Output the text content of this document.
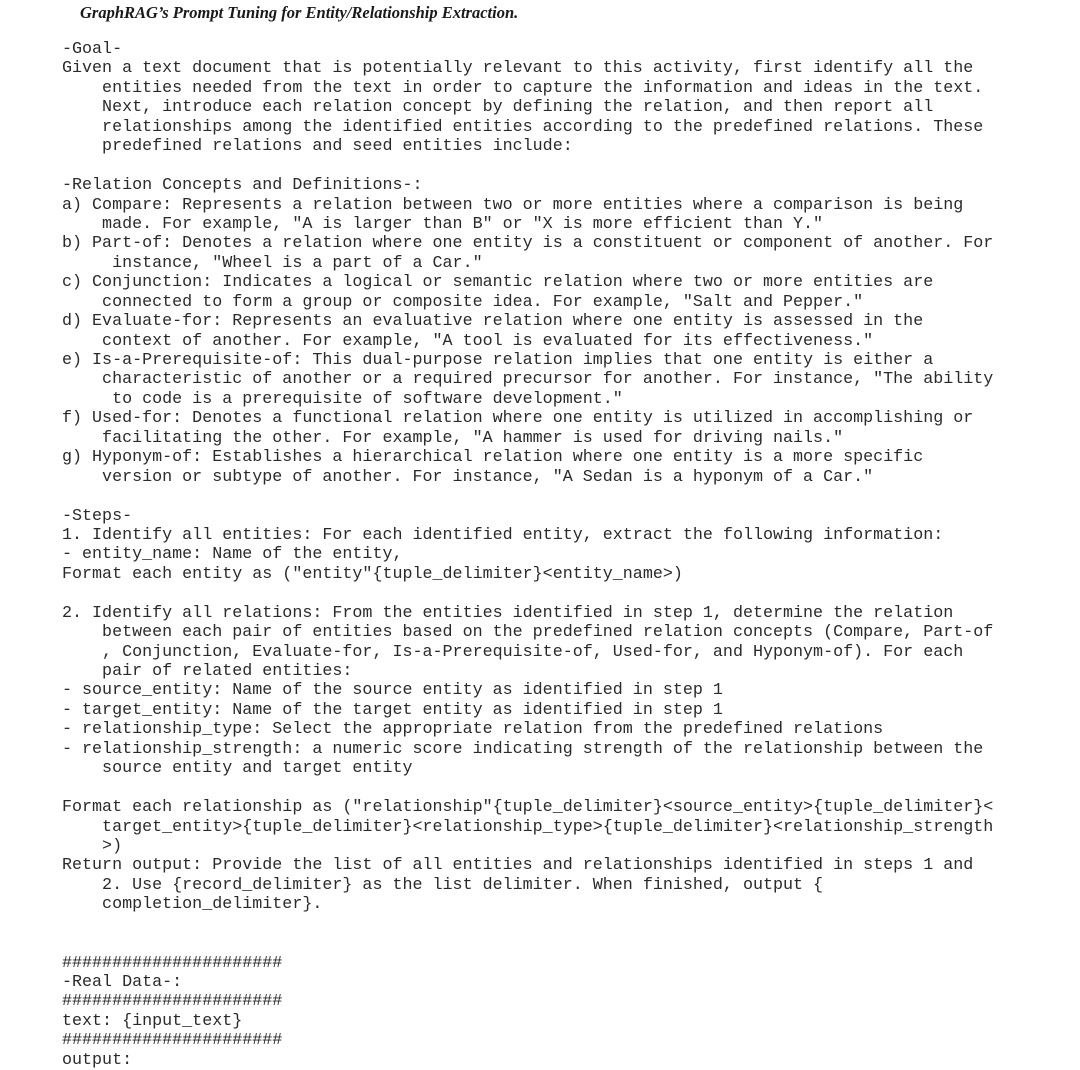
GraphRAG’s Prompt Tuning for Entity/Relationship Extraction.
-Goal-
Given a text document that is potentially relevant to this activity, first identify all the
entities needed from the text in order to capture the information and ideas in the text.
Next, introduce each relation concept by defining the relation, and then report all
relationships among the identified entities according to the predefined relations. These
predefined relations and seed entities include:
-Relation Concepts and Definitions-:
a) Compare: Represents a relation between two or more entities where a comparison is being
made. For example, "A is larger than B" or "X is more efficient than Y."
b) Part-of: Denotes a relation where one entity is a constituent or component of another. For
instance, "Wheel is a part of a Car."
c) Conjunction: Indicates a logical or semantic relation where two or more entities are
connected to form a group or composite idea. For example, "Salt and Pepper."
d) Evaluate-for: Represents an evaluative relation where one entity is assessed in the
context of another. For example, "A tool is evaluated for its effectiveness."
e) Is-a-Prerequisite-of: This dual-purpose relation implies that one entity is either a
characteristic of another or a required precursor for another. For instance, "The ability
to code is a prerequisite of software development."
f) Used-for: Denotes a functional relation where one entity is utilized in accomplishing or
facilitating the other. For example, "A hammer is used for driving nails."
g) Hyponym-of: Establishes a hierarchical relation where one entity is a more specific
version or subtype of another. For instance, "A Sedan is a hyponym of a Car."
-Steps-
1. Identify all entities: For each identified entity, extract the following information:
- entity_name: Name of the entity,
Format each entity as ("entity"{tuple_delimiter}<entity_name>)
2. Identify all relations: From the entities identified in step 1, determine the relation
between each pair of entities based on the predefined relation concepts (Compare, Part-of
, Conjunction, Evaluate-for, Is-a-Prerequisite-of, Used-for, and Hyponym-of). For each
pair of related entities:
- source_entity: Name of the source entity as identified in step 1
- target_entity: Name of the target entity as identified in step 1
- relationship_type: Select the appropriate relation from the predefined relations
- relationship_strength: a numeric score indicating strength of the relationship between the
source entity and target entity
Format each relationship as ("relationship"{tuple_delimiter}<source_entity>{tuple_delimiter}<
target_entity>{tuple_delimiter}<relationship_type>{tuple_delimiter}<relationship_strength
>)
Return output: Provide the list of all entities and relationships identified in steps 1 and
2. Use {record_delimiter} as the list delimiter. When finished, output {
completion_delimiter}.
######################
-Real Data-:
######################
text: {input_text}
######################
output:
